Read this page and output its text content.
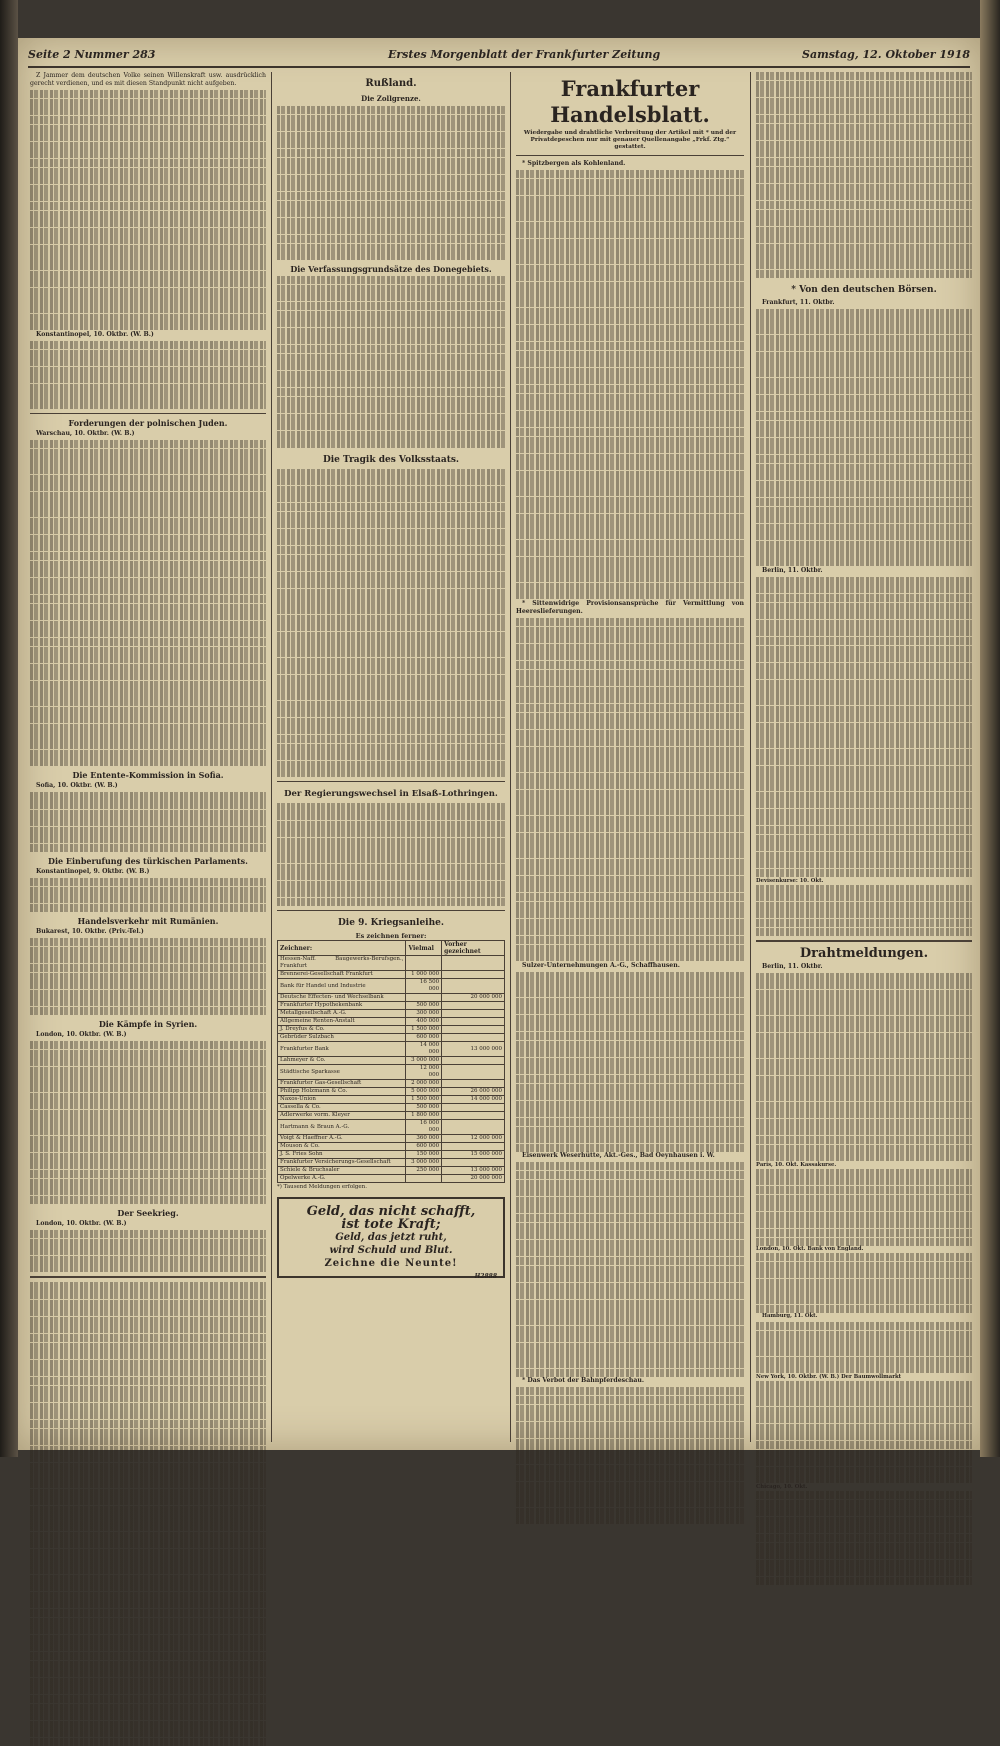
Seite 2 Nummer 283	Erstes Morgenblatt der Frankfurter Zeitung	Samstag, 12. Oktober 1918

Z Jammer dem deutschen Volke seinen Willenskraft usw. ausdrücklich gerecht verdienen, und es mit diesen Standpunkt nicht aufgeben.

Konstantinopel, 10. Oktbr. (W. B.)

Forderungen der polnischen Juden.

Warschau, 10. Oktbr. (W. B.)

Die Entente-Kommission in Sofia.

Sofia, 10. Oktbr. (W. B.)

Die Einberufung des türkischen Parlaments.

Konstantinopel, 9. Oktbr. (W. B.)

Handelsverkehr mit Rumänien.

Bukarest, 10. Oktbr. (Priv.-Tel.)

Die Kämpfe in Syrien.

London, 10. Oktbr. (W. B.)

Der Seekrieg.

London, 10. Oktbr. (W. B.)

Rußland.
Die Zollgrenze.
Die Verfassungsgrundsätze des Donegebiets.
Die Tragik des Volksstaats.
Der Regierungswechsel in Elsaß-Lothringen.
Die 9. Kriegsanleihe.
Es zeichnen ferner:
Zeichner:	Vielmal	Vorher gezeichnet
Hessen-Naff. Baugewerks-Berufsgen., Frankfurt		
Brennerei-Gesellschaft Frankfurt	1 000 000	
Bank für Handel und Industrie	16 500 000	
Deutsche Effecten- und Wechselbank		20 000 000
Frankfurter Hypothekenbank	500 000	
Metallgesellschaft A.-G.	300 000	
Allgemeine Renten-Anstalt	400 000	
J. Dreyfus & Co.	1 500 000	
Gebrüder Sulzbach	600 000	
Frankfurter Bank	14 000 000	13 000 000
Lahmeyer & Co.	3 000 000	
Städtische Sparkasse	12 000 000	
Frankfurter Gas-Gesellschaft	2 000 000	
Philipp Holzmann & Co.	5 000 000	26 000 000
Naxos-Union	1 500 000	14 000 000
Cassella & Co.	500 000	
Adlerwerke vorm. Kleyer	1 800 000	
Hartmann & Braun A.-G.	16 000 000	
Voigt & Haeffner A.-G.	360 000	12 000 000
Mouson & Co.	600 000	
J. S. Fries Sohn	150 000	15 000 000
Frankfurter Versicherungs-Gesellschaft	3 000 000	
Schiele & Bruchsaler	250 000	13 000 000
Opelwerke A.-G.		20 000 000
*) Tausend Meldungen erfolgen.
Geld, das nicht schafft,
ist tote Kraft;
Geld, das jetzt ruht,
wird Schuld und Blut.
Zeichne die Neunte!
H2888
Frankfurter Handelsblatt.
Wiedergabe und drahtliche Verbreitung der Artikel mit * und der Privatdepeschen nur mit genauer Quellenangabe „Frkf. Ztg.“ gestattet.

* Spitzbergen als Kohlenland.

* Sittenwidrige Provisionsansprüche für Vermittlung von Heereslieferungen.

Sulzer-Unternehmungen A.-G., Schaffhausen.

Eisenwerk Weserhütte, Akt.-Ges., Bad Oeynhausen i. W.

* Das Verbot der Bahnpferdeschau.

* Von den deutschen Börsen.

Frankfurt, 11. Oktbr.

Berlin, 11. Oktbr.

Devisenkurse: 10. Okt.
Drahtmeldungen.

Berlin, 11. Oktbr.

Paris, 10. Okt. Kassakurse.
London, 10. Okt. Bank von England.

Hamburg, 11. Okt.

New York, 10. Oktbr. (W. B.) Der Baumwollmarkt
Chicago, 10. Okt.
